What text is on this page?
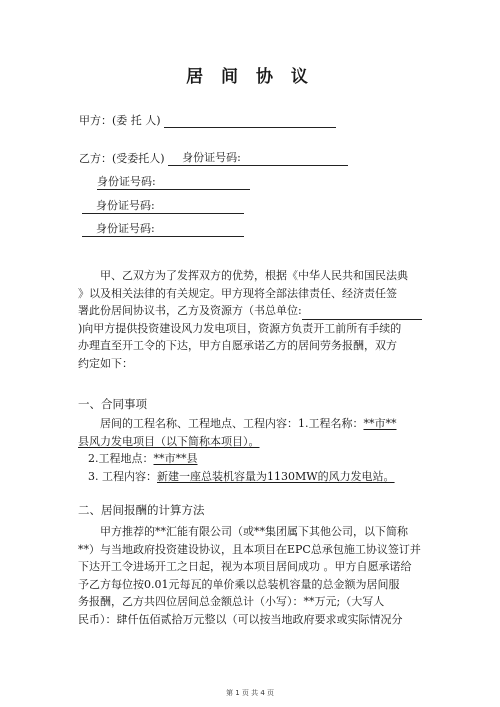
居 间 协 议
甲方：(委 托 人)
乙方：(受委托人) 身份证号码:
身份证号码:
身份证号码:
身份证号码:
甲、乙双方为了发挥双方的优势，根据《中华人民共和国民法典
》以及相关法律的有关规定。甲方现将全部法律责任、经济责任签
署此份居间协议书，乙方及资源方（书总单位:
)向甲方提供投资建设风力发电项目，资源方负责开工前所有手续的
办理直至开工令的下达，甲方自愿承诺乙方的居间劳务报酬，双方
约定如下：
一、合同事项
居间的工程名称、工程地点、工程内容：1.工程名称：**市**
县风力发电项目（以下简称本项目）。
2.工程地点：**市**县
3. 工程内容：新建一座总装机容量为1130MW的风力发电站。
二、居间报酬的计算方法
甲方推荐的**汇能有限公司（或**集团属下其他公司，以下简称
**）与当地政府投资建设协议，且本项目在EPC总承包施工协议签订并
下达开工令进场开工之日起，视为本项目居间成功 。甲方自愿承诺给
予乙方每位按0.01元每瓦的单价乘以总装机容量的总金额为居间服
务报酬，乙方共四位居间总金额总计（小写）：**万元;（大写人
民币）：肆仟伍佰贰拾万元整以（可以按当地政府要求或实际情况分
第 1 页 共 4 页
